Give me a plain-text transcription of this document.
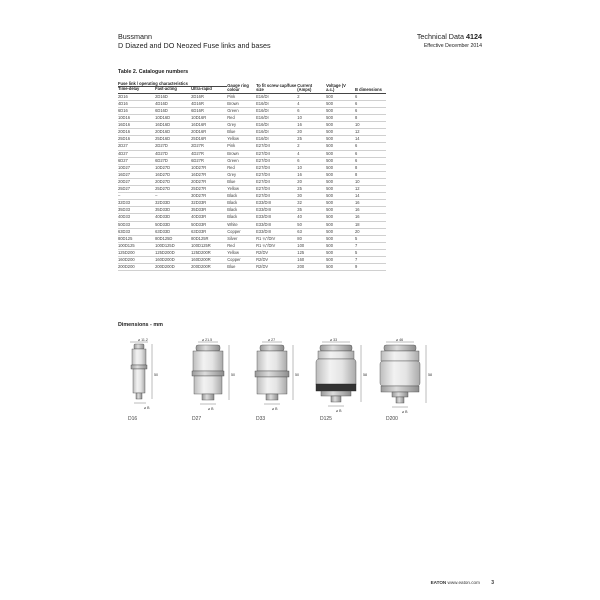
Bussmann
D Diazed and DO Neozed Fuse links and bases
Technical Data 4124
Effective December 2014
Table 2. Catalogue numbers
Fuse link / operating characteristics			Gauge ring colour	To fit screw cap/fuse size	Current (Amps)	Voltage (V a.c.)	B dimensions
Time-delay	Fast-acting	Ultra-rapid					
2D16	2D16D	2D16R	Pink	E16/DI	2	500	6
4D16	4D16D	4D16R	Brown	E16/DI	4	500	6
6D16	6D16D	6D16R	Green	E16/DI	6	500	6
10D16	10D16D	10D16R	Red	E16/DI	10	500	8
16D16	16D16D	16D16R	Grey	E16/DI	16	500	10
20D16	20D16D	20D16R	Blue	E16/DI	20	500	12
25D16	25D16D	25D16R	Yellow	E16/DI	25	500	14
2D27	2D27D	2D27R	Pink	E27/DII	2	500	6
4D27	4D27D	4D27R	Brown	E27/DII	4	500	6
6D27	6D27D	6D27R	Green	E27/DII	6	500	6
10D27	10D27D	10D27R	Red	E27/DII	10	500	8
16D27	16D27D	16D27R	Grey	E27/DII	16	500	8
20D27	20D27D	20D27R	Blue	E27/DII	20	500	10
25D27	25D27D	25D27R	Yellow	E27/DII	25	500	12
–	–	30D27R	Black	E27/DII	30	500	14
32D33	32D33D	32D33R	Black	E33/DIII	32	500	16
35D33	35D33D	35D33R	Black	E33/DIII	35	500	16
40D33	40D33D	40D33R	Black	E33/DIII	40	500	16
50D33	50D33D	50D33R	White	E33/DIII	50	500	18
63D33	63D33D	63D33R	Copper	E33/DIII	63	500	20
80D125	80D125D	80D125R	Silver	R1 ¼"/DIV	80	500	5
100D125	100D125D	100D125R	Red	R1 ¼"/DIV	100	500	7
125D200	125D200D	125D200R	Yellow	R2/DV	125	500	5
160D200	160D200D	160D200R	Copper	R2/DV	160	500	7
200D200	200D200D	200D200R	Blue	R2/DV	200	500	9
Dimensions - mm
⌀ 11.2
50
⌀ B
D16
⌀ 21.5
50
⌀ B
D27
⌀ 27
50
⌀ B
D33
⌀ 33
58
⌀ B
D125
⌀ 46
58
⌀ B
D200
EATON www.eaton.com 3
